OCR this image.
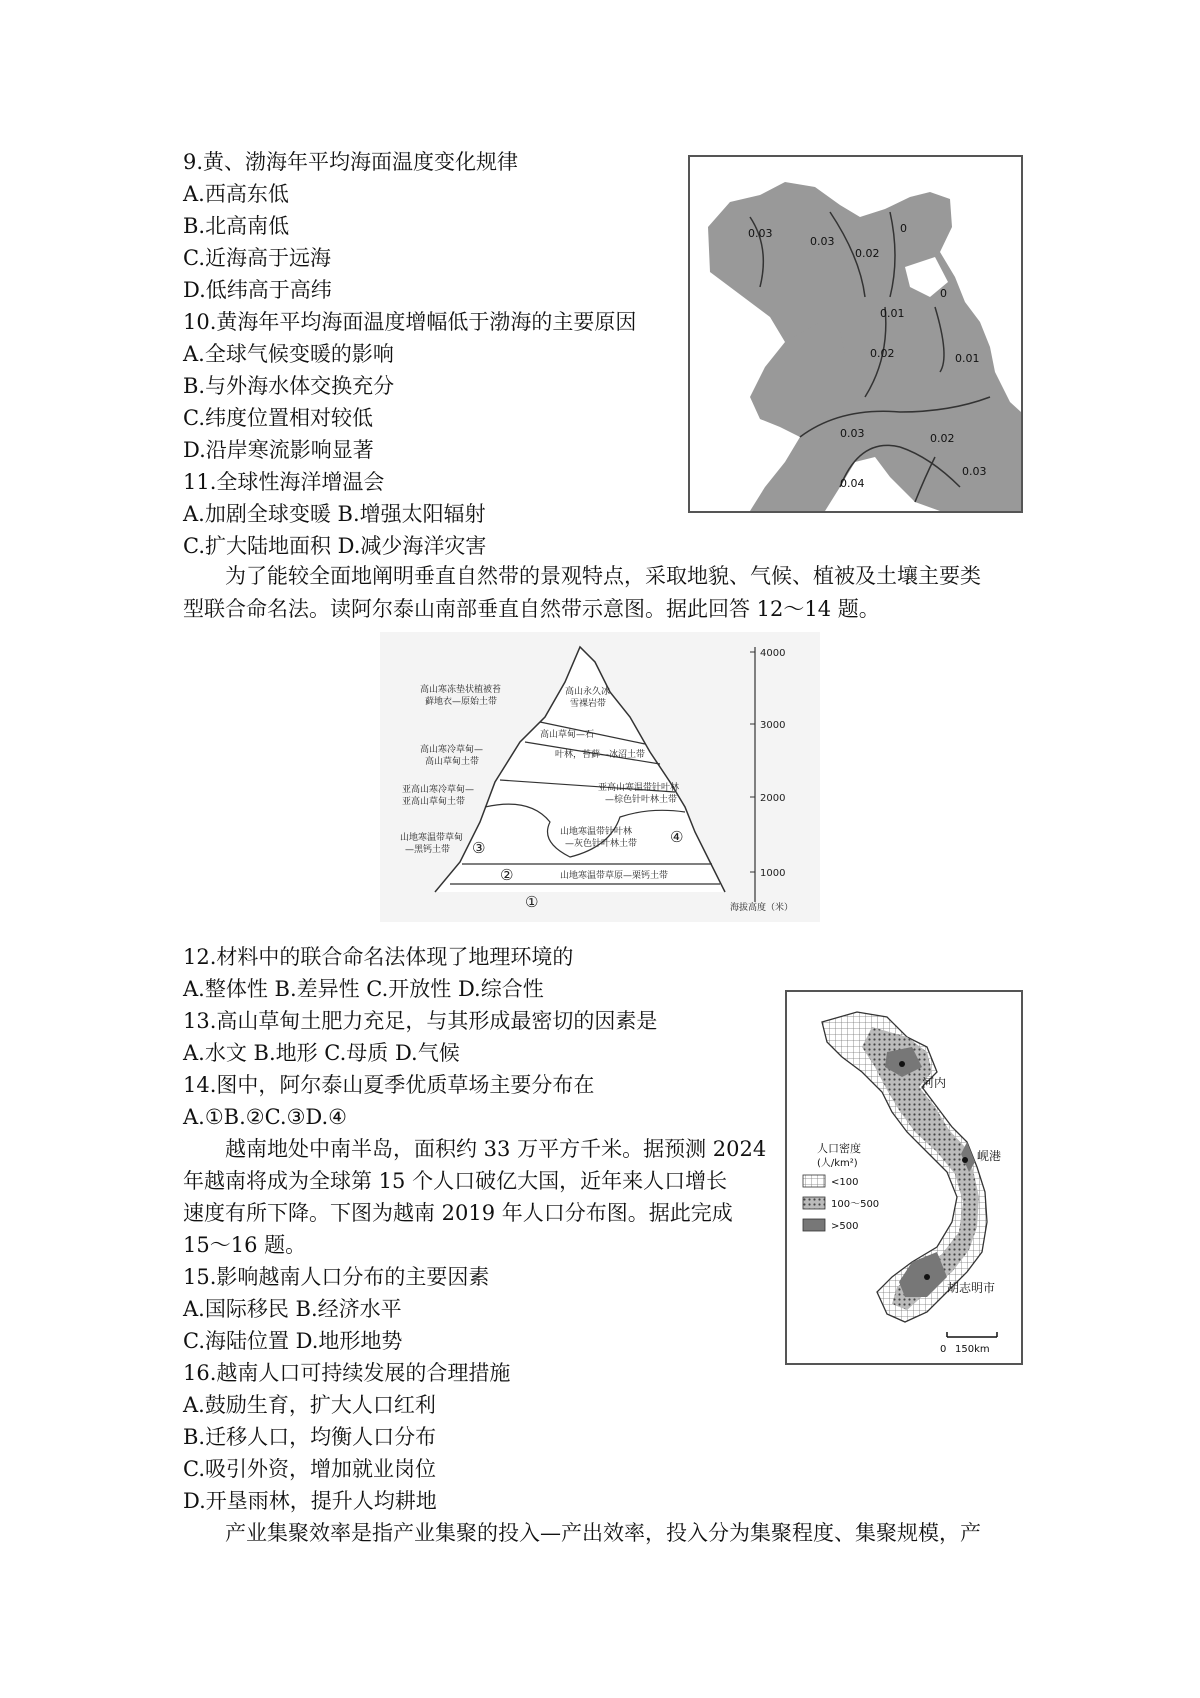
9.黄、渤海年平均海面温度变化规律
A.西高东低
B.北高南低
C.近海高于远海
D.低纬高于高纬
10.黄海年平均海面温度增幅低于渤海的主要原因
A.全球气候变暖的影响
B.与外海水体交换充分
C.纬度位置相对较低
D.沿岸寒流影响显著
11.全球性海洋增温会
A.加剧全球变暖 B.增强太阳辐射
C.扩大陆地面积 D.减少海洋灾害
0.03
0.03
0.02
0
0.01
0.02
0
0.01
0.03
0.04
0.02
0.03
为了能较全面地阐明垂直自然带的景观特点，采取地貌、气候、植被及土壤主要类
型联合命名法。读阿尔泰山南部垂直自然带示意图。据此回答 12～14 题。
4000
3000
2000
1000
海拔高度（米）
高山永久冰
雪裸岩带
高山寒冻垫状植被苔
藓地衣—原始土带
高山草甸—石
叶林，苔藓—冰沼土带
高山寒冷草甸—
高山草甸土带
亚高山寒冷草甸—
亚高山草甸土带
亚高山寒温带针叶林
—棕色针叶林土带
山地寒温带针叶林
—灰色针叶林土带
山地寒温带草甸
—黑钙土带
山地寒温带草原—栗钙土带
①
②
③
④
12.材料中的联合命名法体现了地理环境的
A.整体性 B.差异性 C.开放性 D.综合性
13.高山草甸土肥力充足，与其形成最密切的因素是
A.水文 B.地形 C.母质 D.气候
14.图中，阿尔泰山夏季优质草场主要分布在
A.①B.②C.③D.④
越南地处中南半岛，面积约 33 万平方千米。据预测 2024
年越南将成为全球第 15 个人口破亿大国，近年来人口增长
速度有所下降。下图为越南 2019 年人口分布图。据此完成
15～16 题。
河内
岘港
胡志明市
人口密度
(人/km²)
<100
100～500
>500
0 150km
15.影响越南人口分布的主要因素
A.国际移民 B.经济水平
C.海陆位置 D.地形地势
16.越南人口可持续发展的合理措施
A.鼓励生育，扩大人口红利
B.迁移人口，均衡人口分布
C.吸引外资，增加就业岗位
D.开垦雨林，提升人均耕地
产业集聚效率是指产业集聚的投入—产出效率，投入分为集聚程度、集聚规模，产
